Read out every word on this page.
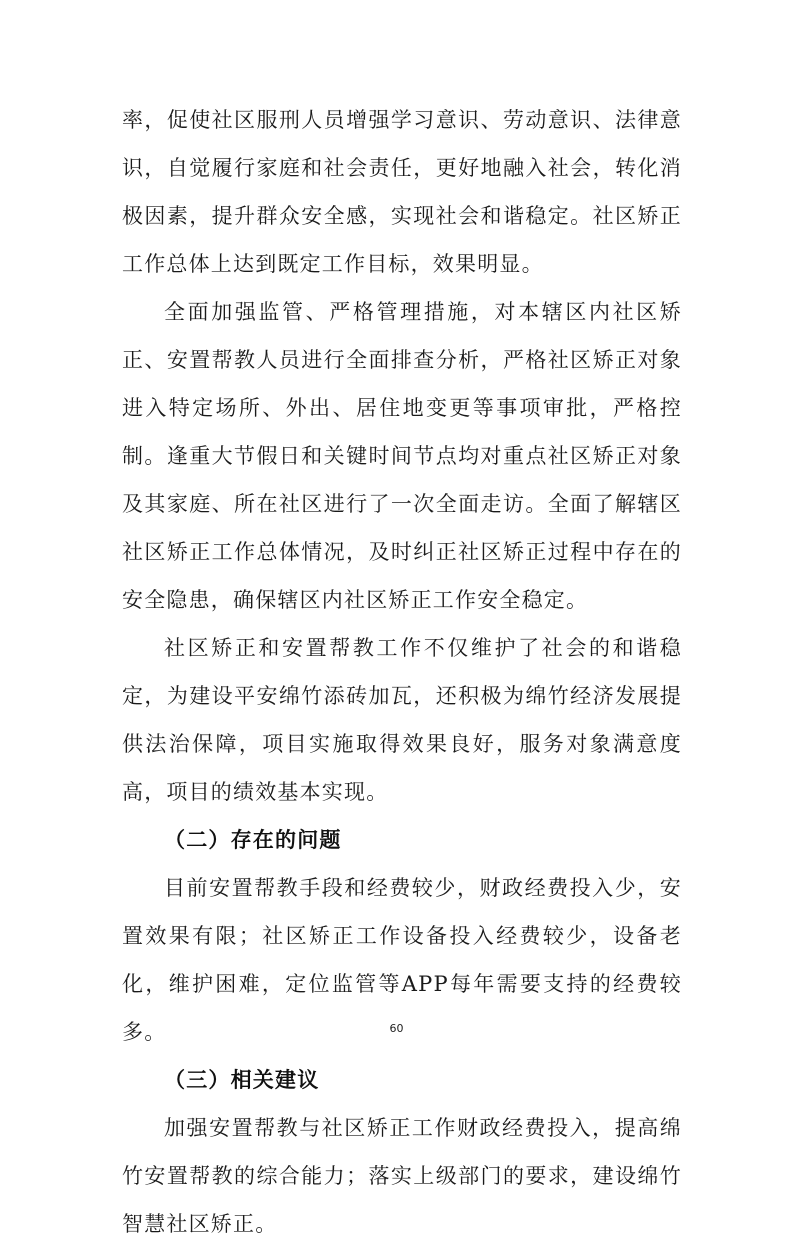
率，促使社区服刑人员增强学习意识、劳动意识、法律意识，自觉履行家庭和社会责任，更好地融入社会，转化消极因素，提升群众安全感，实现社会和谐稳定。社区矫正工作总体上达到既定工作目标，效果明显。

全面加强监管、严格管理措施，对本辖区内社区矫正、安置帮教人员进行全面排查分析，严格社区矫正对象进入特定场所、外出、居住地变更等事项审批，严格控制。逢重大节假日和关键时间节点均对重点社区矫正对象及其家庭、所在社区进行了一次全面走访。全面了解辖区社区矫正工作总体情况，及时纠正社区矫正过程中存在的安全隐患，确保辖区内社区矫正工作安全稳定。

社区矫正和安置帮教工作不仅维护了社会的和谐稳定，为建设平安绵竹添砖加瓦，还积极为绵竹经济发展提供法治保障，项目实施取得效果良好，服务对象满意度高，项目的绩效基本实现。

（二）存在的问题

目前安置帮教手段和经费较少，财政经费投入少，安置效果有限；社区矫正工作设备投入经费较少，设备老化，维护困难，定位监管等APP每年需要支持的经费较多。

（三）相关建议

加强安置帮教与社区矫正工作财政经费投入，提高绵竹安置帮教的综合能力；落实上级部门的要求，建设绵竹智慧社区矫正。

60
